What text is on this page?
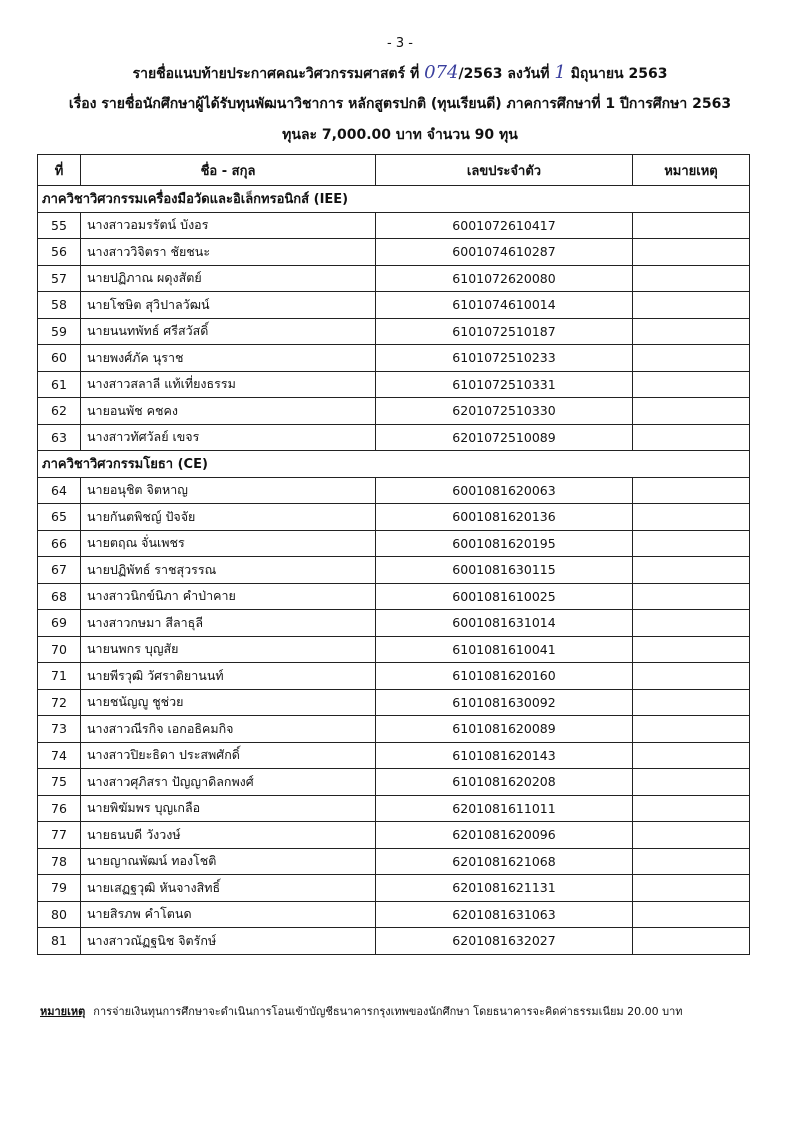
- 3 -
รายชื่อแนบท้ายประกาศคณะวิศวกรรมศาสตร์ ที่ 074/2563 ลงวันที่ 1 มิถุนายน 2563
เรื่อง รายชื่อนักศึกษาผู้ได้รับทุนพัฒนาวิชาการ หลักสูตรปกติ (ทุนเรียนดี) ภาคการศึกษาที่ 1 ปีการศึกษา 2563
ทุนละ 7,000.00 บาท จำนวน 90 ทุน
ที่	ชื่อ - สกุล	เลขประจำตัว	หมายเหตุ
ภาควิชาวิศวกรรมเครื่องมือวัดและอิเล็กทรอนิกส์ (IEE)			
55	นางสาวอมรรัตน์ บังอร	6001072610417	
56	นางสาววิจิตรา ชัยชนะ	6001074610287	
57	นายปฏิภาณ ผดุงสัตย์	6101072620080	
58	นายโชษิต สุวิปาลวัฒน์	6101074610014	
59	นายนนทพัทธ์ ศรีสวัสดิ์	6101072510187	
60	นายพงศ์ภัค นุราช	6101072510233	
61	นางสาวสลาลี แท้เที่ยงธรรม	6101072510331	
62	นายอนพัช คชคง	6201072510330	
63	นางสาวทัศวัลย์ เขจร	6201072510089	
ภาควิชาวิศวกรรมโยธา (CE)			
64	นายอนุชิต จิตหาญ	6001081620063	
65	นายกันตพิชญ์ ปัจจัย	6001081620136	
66	นายตฤณ จั่นเพชร	6001081620195	
67	นายปฏิพัทธ์ ราชสุวรรณ	6001081630115	
68	นางสาวนิกข์นิภา คำป่าคาย	6001081610025	
69	นางสาวกษมา สีลาธุลี	6001081631014	
70	นายนพกร บุญสัย	6101081610041	
71	นายพีรวุฒิ วัศราติยานนท์	6101081620160	
72	นายชนัญญู ชูช่วย	6101081630092	
73	นางสาวณีรกิจ เอกอธิคมกิจ	6101081620089	
74	นางสาวปิยะธิดา ประสพศักดิ์	6101081620143	
75	นางสาวศุภิสรา ปัญญาดิลกพงศ์	6101081620208	
76	นายพิฆัมพร บุญเกลือ	6201081611011	
77	นายธนบดี วังวงษ์	6201081620096	
78	นายญาณพัฒน์ ทองโชติ	6201081621068	
79	นายเสฏฐวุฒิ หันจางสิทธิ์	6201081621131	
80	นายสิรภพ คำโตนด	6201081631063	
81	นางสาวณัฏฐนิช จิตรักษ์	6201081632027	
หมายเหตุ การจ่ายเงินทุนการศึกษาจะดำเนินการโอนเข้าบัญชีธนาคารกรุงเทพของนักศึกษา โดยธนาคารจะคิดค่าธรรมเนียม 20.00 บาท
